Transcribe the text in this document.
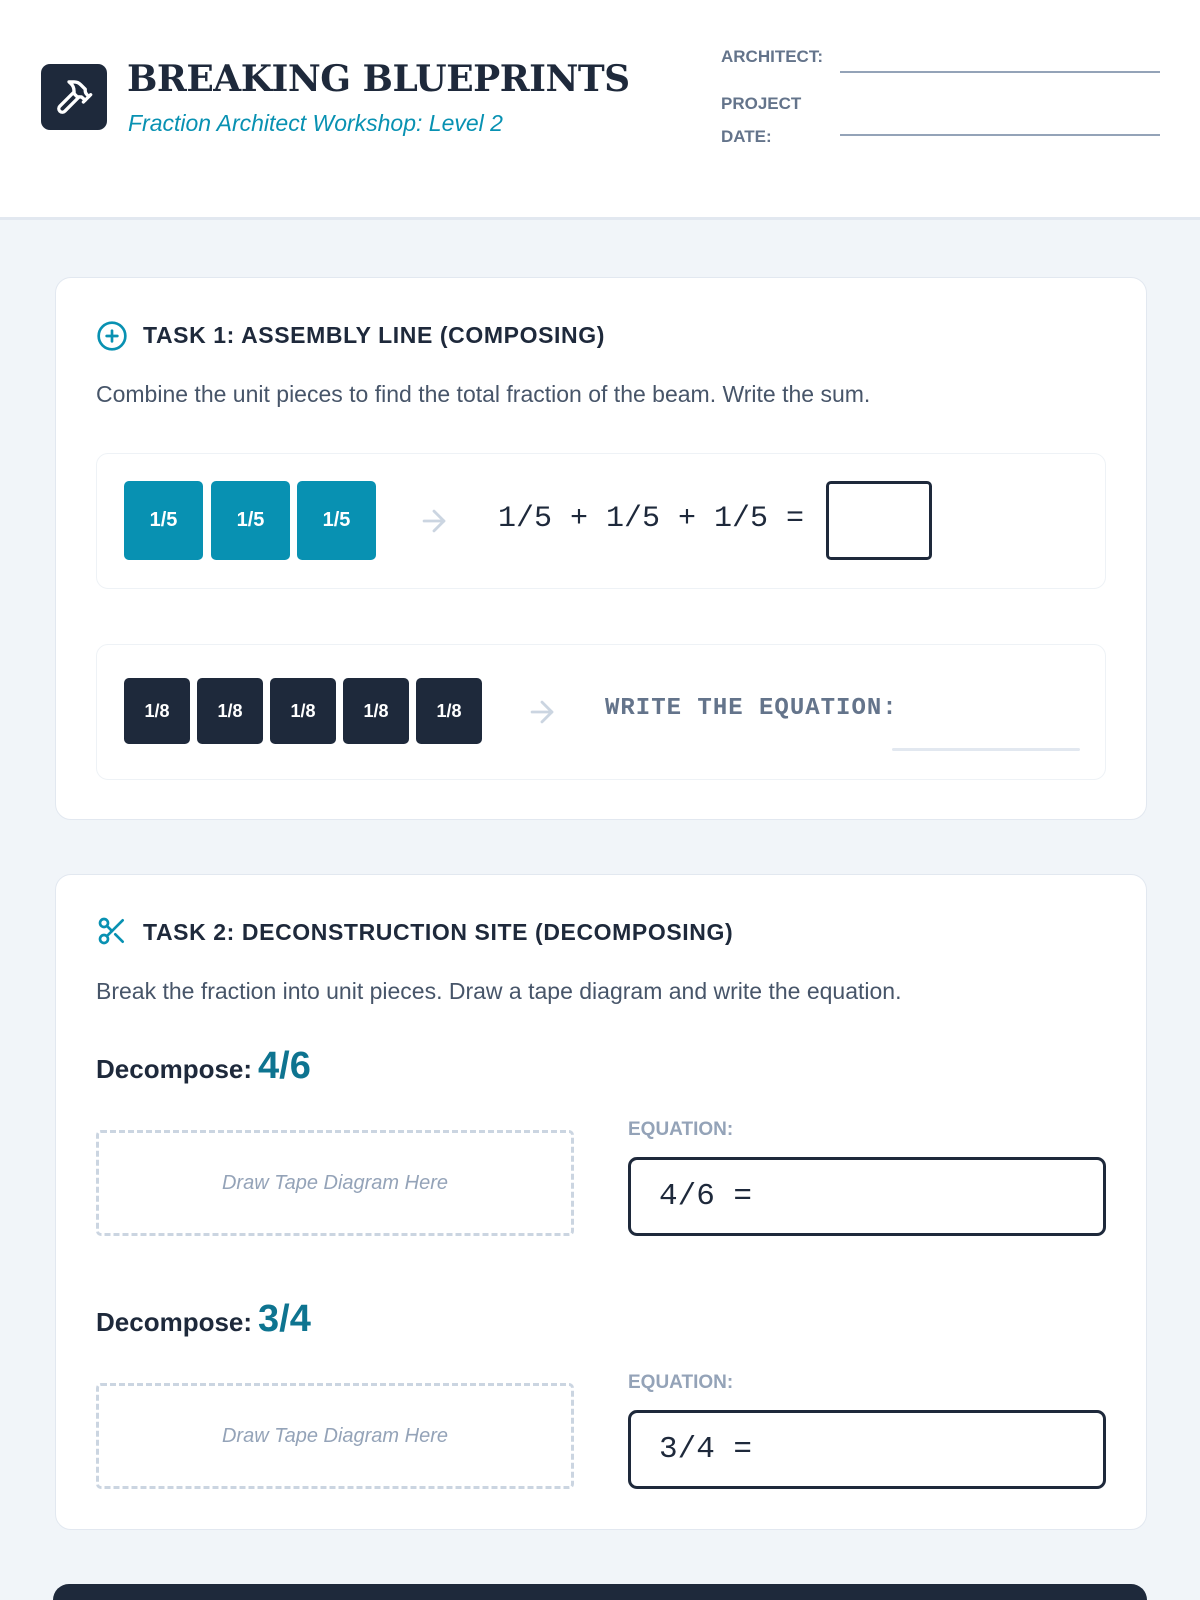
BREAKING BLUEPRINTS
Fraction Architect Workshop: Level 2
ARCHITECT:
PROJECT
DATE:
TASK 1: ASSEMBLY LINE (COMPOSING)
Combine the unit pieces to find the total fraction of the beam. Write the sum.
1/5	1/5	1/5	1/5 + 1/5 + 1/5 =
1/8	1/8	1/8	1/8	1/8	WRITE THE EQUATION:
TASK 2: DECONSTRUCTION SITE (DECOMPOSING)
Break the fraction into unit pieces. Draw a tape diagram and write the equation.
Decompose: 4/6
Draw Tape Diagram Here
EQUATION:
4/6 =
Decompose: 3/4
Draw Tape Diagram Here
EQUATION:
3/4 =
